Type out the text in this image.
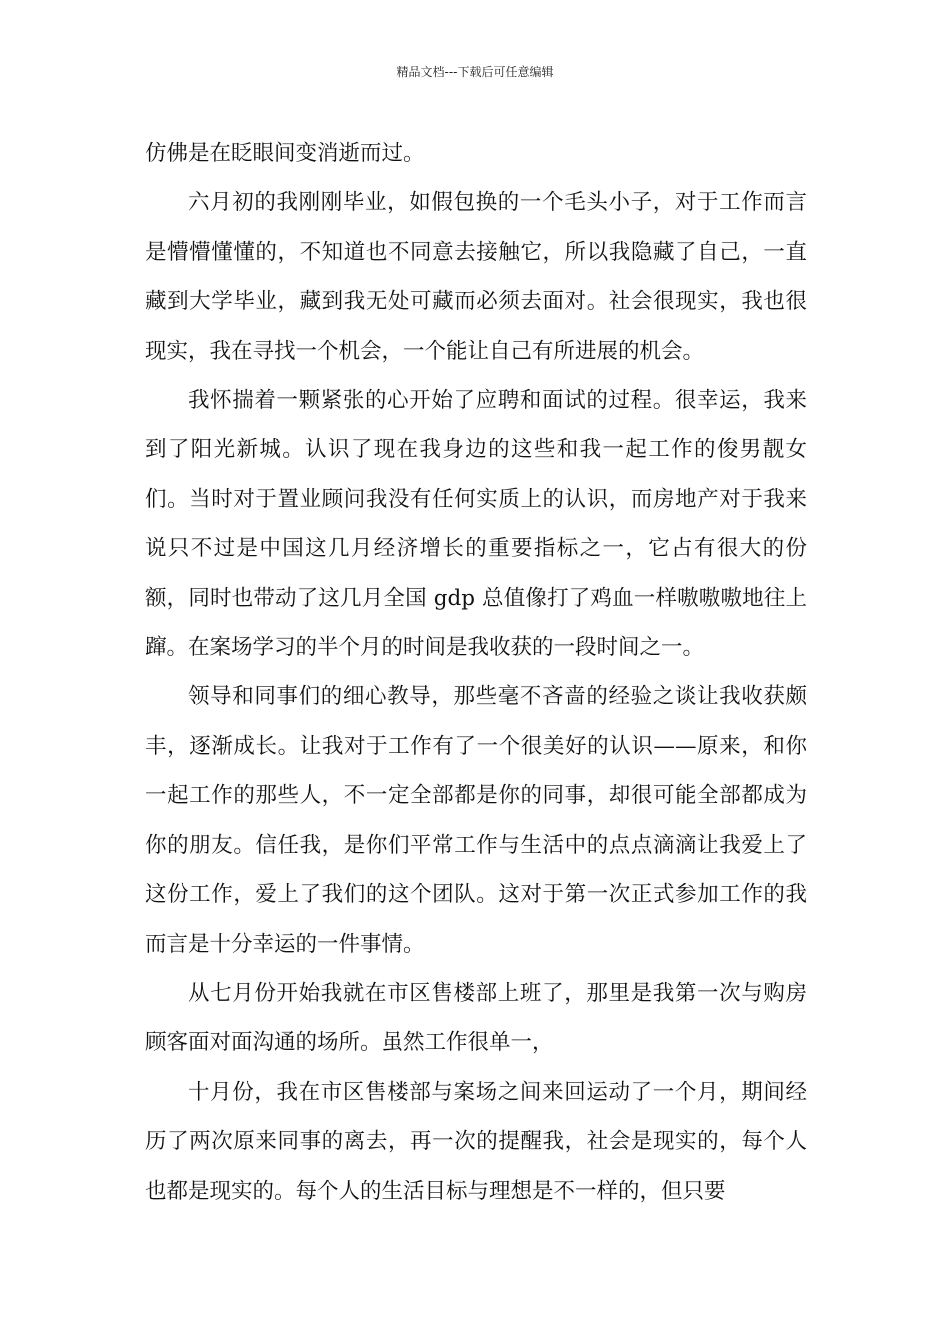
精品文档---下载后可任意编辑

仿佛是在眨眼间变消逝而过。

六月初的我刚刚毕业，如假包换的一个毛头小子，对于工作而言是懵懵懂懂的，不知道也不同意去接触它，所以我隐藏了自己，一直藏到大学毕业，藏到我无处可藏而必须去面对。社会很现实，我也很现实，我在寻找一个机会，一个能让自己有所进展的机会。

我怀揣着一颗紧张的心开始了应聘和面试的过程。很幸运，我来到了阳光新城。认识了现在我身边的这些和我一起工作的俊男靓女们。当时对于置业顾问我没有任何实质上的认识，而房地产对于我来说只不过是中国这几月经济增长的重要指标之一，它占有很大的份额，同时也带动了这几月全国 gdp 总值像打了鸡血一样嗷嗷嗷地往上蹿。在案场学习的半个月的时间是我收获的一段时间之一。

领导和同事们的细心教导，那些毫不吝啬的经验之谈让我收获颇丰，逐渐成长。让我对于工作有了一个很美好的认识——原来，和你一起工作的那些人，不一定全部都是你的同事，却很可能全部都成为你的朋友。信任我，是你们平常工作与生活中的点点滴滴让我爱上了这份工作，爱上了我们的这个团队。这对于第一次正式参加工作的我而言是十分幸运的一件事情。

从七月份开始我就在市区售楼部上班了，那里是我第一次与购房顾客面对面沟通的场所。虽然工作很单一，

十月份，我在市区售楼部与案场之间来回运动了一个月，期间经历了两次原来同事的离去，再一次的提醒我，社会是现实的，每个人也都是现实的。每个人的生活目标与理想是不一样的，但只要
